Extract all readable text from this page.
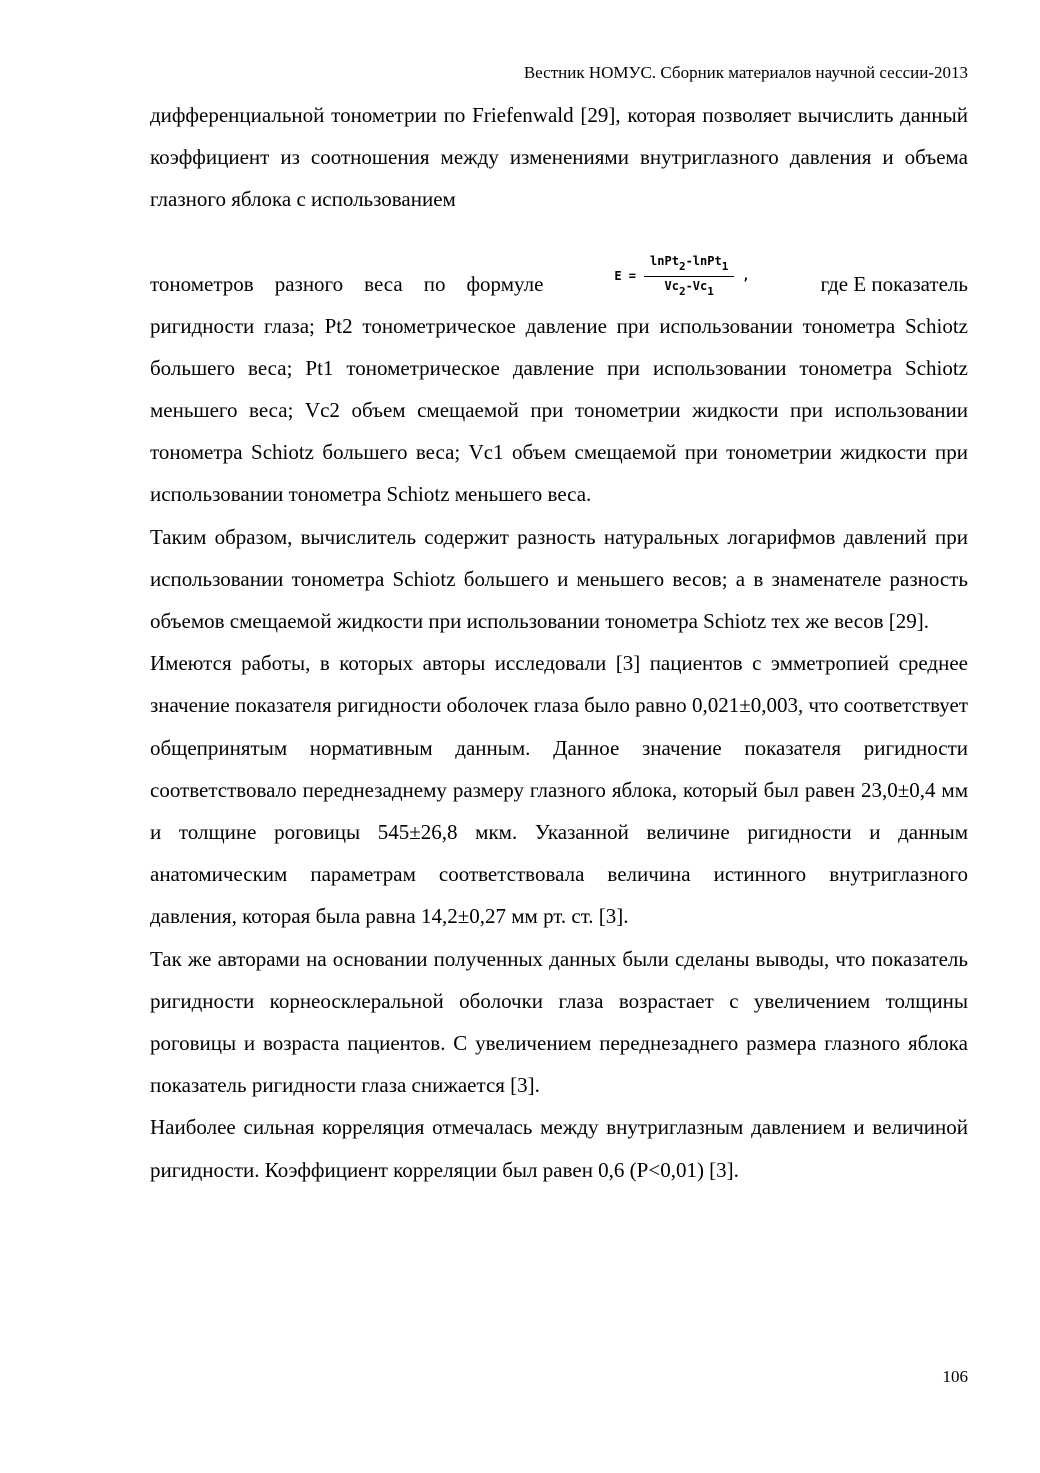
Вестник НОМУС. Сборник материалов научной сессии-2013

дифференциальной тонометрии по Friefenwald [29], которая позволяет вычислить данный коэффициент из соотношения между изменениями внутриглазного давления и объема глазного яблока с использованием

тонометров разного веса по формуле	$E = \frac{lnPt_2-lnPt_1}{Vc_2-Vc_1}$ ,	где Е показатель

ригидности глаза; Pt2 тонометрическое давление при использовании тонометра Schiotz большего веса; Pt1 тонометрическое давление при использовании тонометра Schiotz меньшего веса; Vc2 объем смещаемой при тонометрии жидкости при использовании тонометра Schiotz большего веса; Vc1 объем смещаемой при тонометрии жидкости при использовании тонометра Schiotz меньшего веса.

Таким образом, вычислитель содержит разность натуральных логарифмов давлений при использовании тонометра Schiotz большего и меньшего весов; а в знаменателе разность объемов смещаемой жидкости при использовании тонометра Schiotz тех же весов [29].

Имеются работы, в которых авторы исследовали [3] пациентов с эмметропией среднее значение показателя ригидности оболочек глаза было равно 0,021±0,003, что соответствует общепринятым нормативным данным. Данное значение показателя ригидности соответствовало переднезаднему размеру глазного яблока, который был равен 23,0±0,4 мм и толщине роговицы 545±26,8 мкм. Указанной величине ригидности и данным анатомическим параметрам соответствовала величина истинного внутриглазного давления, которая была равна 14,2±0,27 мм рт. ст. [3].

Так же авторами на основании полученных данных были сделаны выводы, что показатель ригидности корнеосклеральной оболочки глаза возрастает с увеличением толщины роговицы и возраста пациентов. С увеличением переднезаднего размера глазного яблока показатель ригидности глаза снижается [3].

Наиболее сильная корреляция отмечалась между внутриглазным давлением и величиной ригидности. Коэффициент корреляции был равен 0,6 (P<0,01) [3].

106
